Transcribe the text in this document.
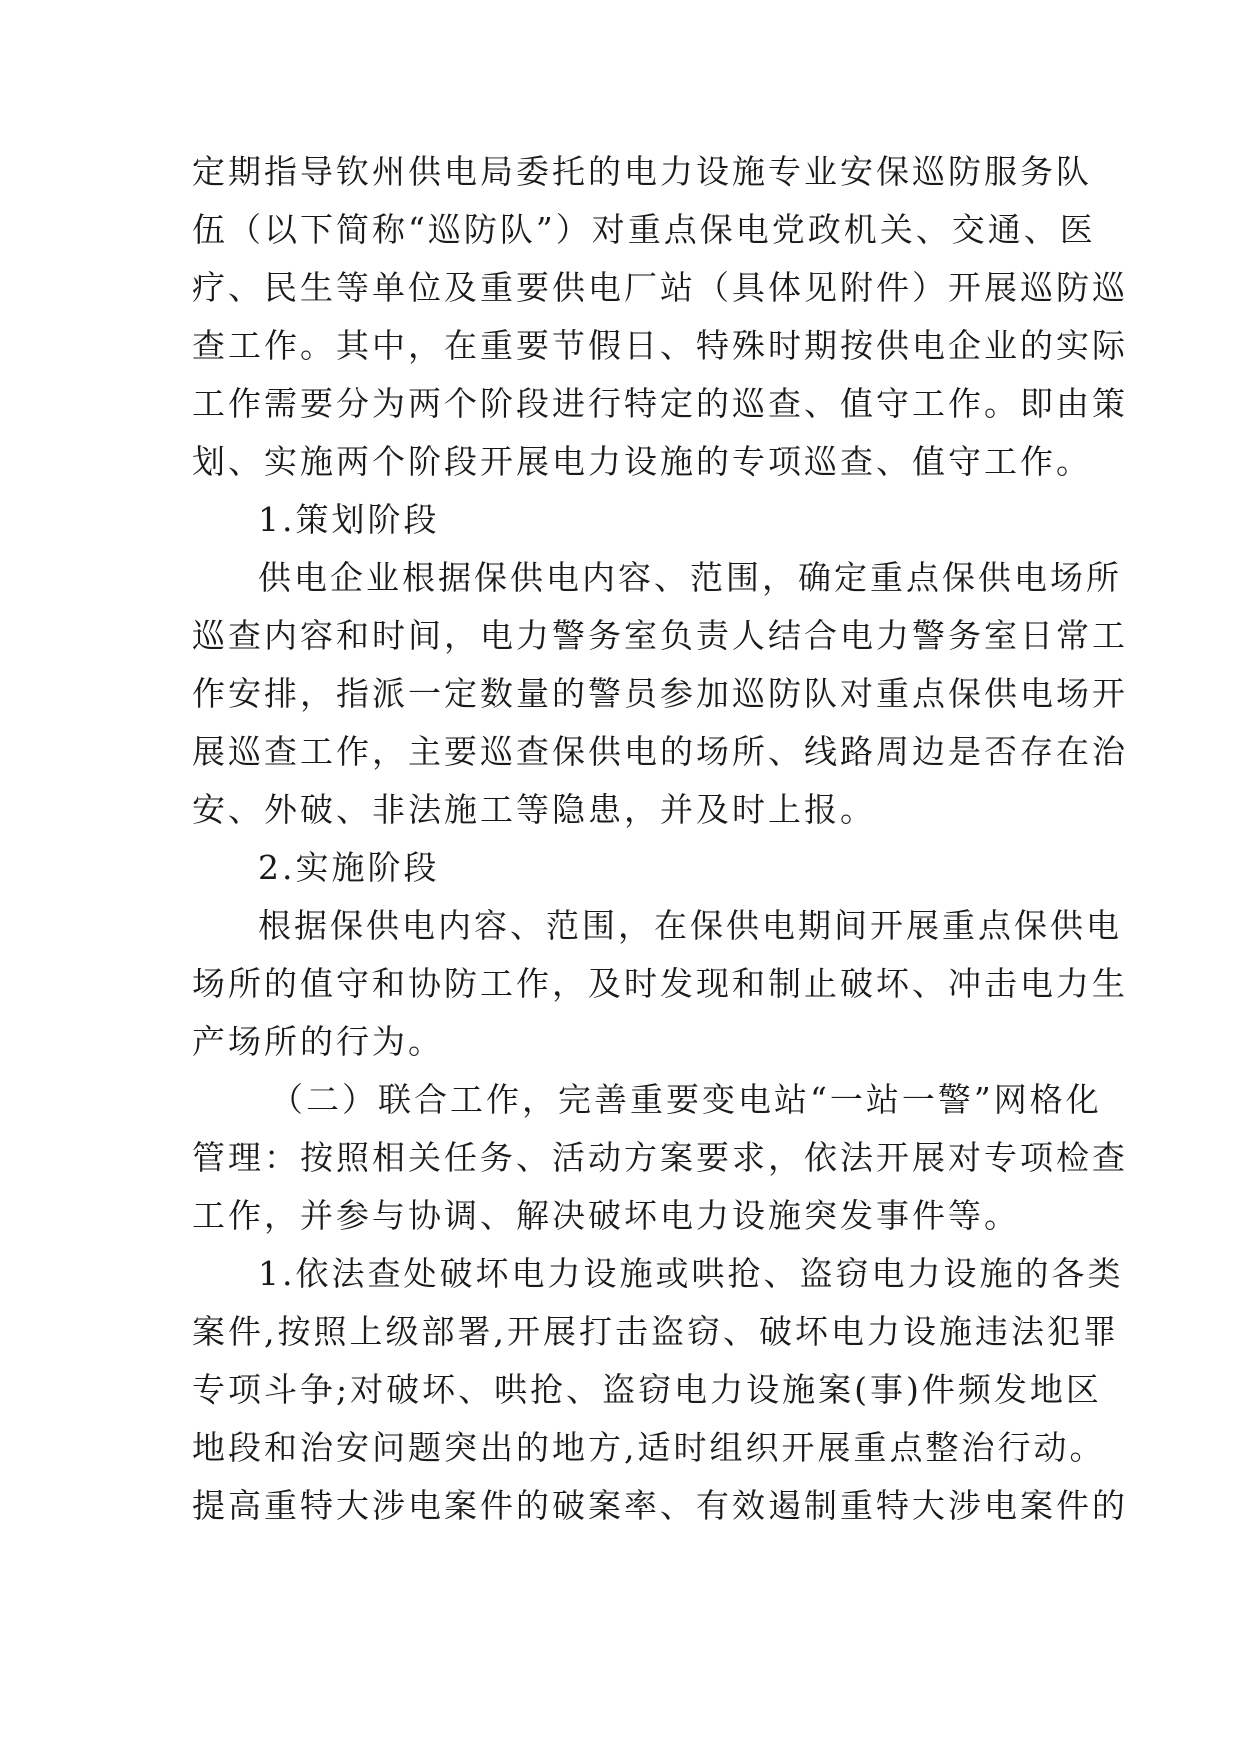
定期指导钦州供电局委托的电力设施专业安保巡防服务队
伍（以下简称“巡防队”）对重点保电党政机关、交通、医
疗、民生等单位及重要供电厂站（具体见附件）开展巡防巡
查工作。其中，在重要节假日、特殊时期按供电企业的实际
工作需要分为两个阶段进行特定的巡查、值守工作。即由策
划、实施两个阶段开展电力设施的专项巡查、值守工作。
1.策划阶段
供电企业根据保供电内容、范围，确定重点保供电场所
巡查内容和时间，电力警务室负责人结合电力警务室日常工
作安排，指派一定数量的警员参加巡防队对重点保供电场开
展巡查工作，主要巡查保供电的场所、线路周边是否存在治
安、外破、非法施工等隐患，并及时上报。
2.实施阶段
根据保供电内容、范围，在保供电期间开展重点保供电
场所的值守和协防工作，及时发现和制止破坏、冲击电力生
产场所的行为。
（二）联合工作，完善重要变电站“一站一警”网格化
管理：按照相关任务、活动方案要求，依法开展对专项检查
工作，并参与协调、解决破坏电力设施突发事件等。
1.依法查处破坏电力设施或哄抢、盗窃电力设施的各类
案件,按照上级部署,开展打击盗窃、破坏电力设施违法犯罪
专项斗争;对破坏、哄抢、盗窃电力设施案(事)件频发地区
地段和治安问题突出的地方,适时组织开展重点整治行动。
提高重特大涉电案件的破案率、有效遏制重特大涉电案件的
